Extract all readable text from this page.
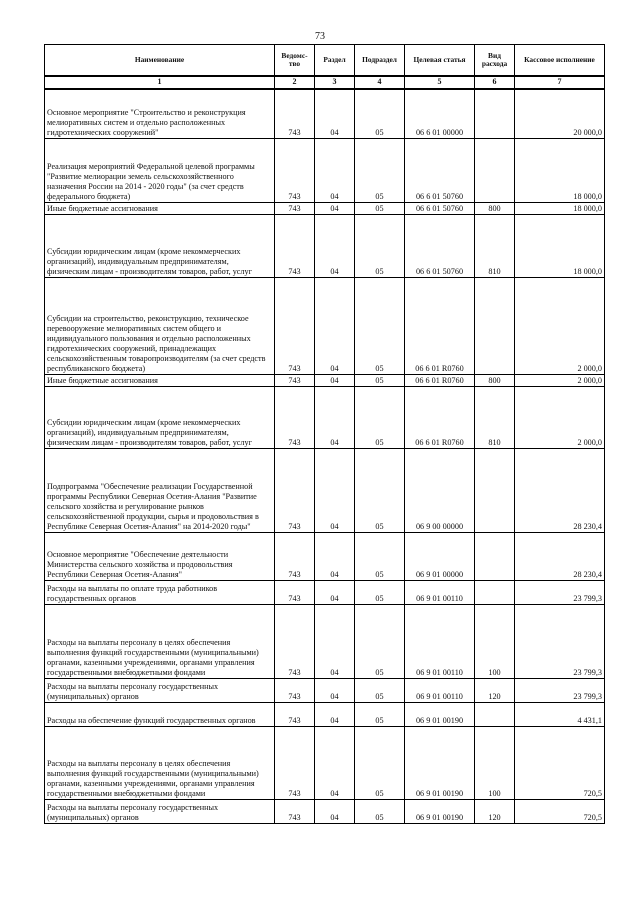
73
Наименование	Ведомс-тво	Раздел	Подраздел	Целевая статья	Вид расхода	Кассовое исполнение
1	2	3	4	5	6	7
Основное мероприятие "Строительство и реконструкция мелиоративных систем и отдельно расположенных гидротехнических сооружений"	743	04	05	06 6 01 00000		20 000,0
Реализация мероприятий Федеральной целевой программы "Развитие мелиорации земель сельскохозяйственного назначения России на 2014 - 2020 годы" (за счет средств федерального бюджета)	743	04	05	06 6 01 50760		18 000,0
Иные бюджетные ассигнования	743	04	05	06 6 01 50760	800	18 000,0
Субсидии юридическим лицам (кроме некоммерческих организаций), индивидуальным предпринимателям, физическим лицам - производителям товаров, работ, услуг	743	04	05	06 6 01 50760	810	18 000,0
Субсидии на строительство, реконструкцию, техническое перевооружение мелиоративных систем общего и индивидуального пользования и отдельно расположенных гидротехнических сооружений, принадлежащих сельскохозяйственным товаропроизводителям (за счет средств республиканского бюджета)	743	04	05	06 6 01 R0760		2 000,0
Иные бюджетные ассигнования	743	04	05	06 6 01 R0760	800	2 000,0
Субсидии юридическим лицам (кроме некоммерческих организаций), индивидуальным предпринимателям, физическим лицам - производителям товаров, работ, услуг	743	04	05	06 6 01 R0760	810	2 000,0
Подпрограмма "Обеспечение реализации Государственной программы Республики Северная Осетия-Алания "Развитие сельского хозяйства и регулирование рынков сельскохозяйственной продукции, сырья и продовольствия в Республике Северная Осетия-Алания" на 2014-2020 годы"	743	04	05	06 9 00 00000		28 230,4
Основное мероприятие "Обеспечение деятельности Министерства сельского хозяйства и продовольствия Республики Северная Осетия-Алания"	743	04	05	06 9 01 00000		28 230,4
Расходы на выплаты по оплате труда работников государственных органов	743	04	05	06 9 01 00110		23 799,3
Расходы на выплаты персоналу в целях обеспечения выполнения функций государственными (муниципальными) органами, казенными учреждениями, органами управления государственными внебюджетными фондами	743	04	05	06 9 01 00110	100	23 799,3
Расходы на выплаты персоналу государственных (муниципальных) органов	743	04	05	06 9 01 00110	120	23 799,3
Расходы на обеспечение функций государственных органов	743	04	05	06 9 01 00190		4 431,1
Расходы на выплаты персоналу в целях обеспечения выполнения функций государственными (муниципальными) органами, казенными учреждениями, органами управления государственными внебюджетными фондами	743	04	05	06 9 01 00190	100	720,5
Расходы на выплаты персоналу государственных (муниципальных) органов	743	04	05	06 9 01 00190	120	720,5
